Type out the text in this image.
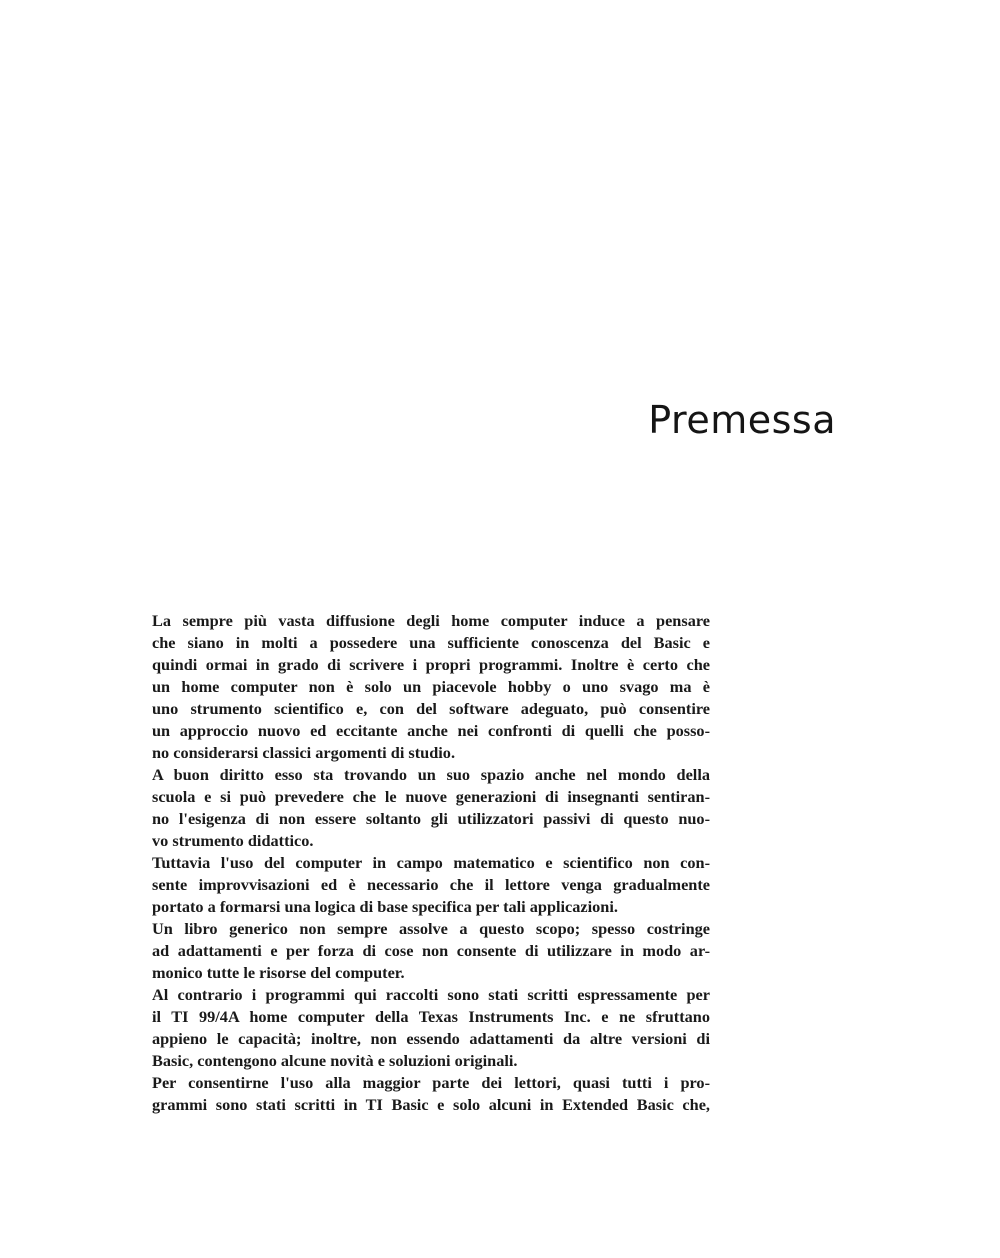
Premessa
La sempre più vasta diffusione degli home computer induce a pensare
che siano in molti a possedere una sufficiente conoscenza del Basic e
quindi ormai in grado di scrivere i propri programmi. Inoltre è certo che
un home computer non è solo un piacevole hobby o uno svago ma è
uno strumento scientifico e, con del software adeguato, può consentire
un approccio nuovo ed eccitante anche nei confronti di quelli che posso-
no considerarsi classici argomenti di studio.
A buon diritto esso sta trovando un suo spazio anche nel mondo della
scuola e si può prevedere che le nuove generazioni di insegnanti sentiran-
no l'esigenza di non essere soltanto gli utilizzatori passivi di questo nuo-
vo strumento didattico.
Tuttavia l'uso del computer in campo matematico e scientifico non con-
sente improvvisazioni ed è necessario che il lettore venga gradualmente
portato a formarsi una logica di base specifica per tali applicazioni.
Un libro generico non sempre assolve a questo scopo; spesso costringe
ad adattamenti e per forza di cose non consente di utilizzare in modo ar-
monico tutte le risorse del computer.
Al contrario i programmi qui raccolti sono stati scritti espressamente per
il TI 99/4A home computer della Texas Instruments Inc. e ne sfruttano
appieno le capacità; inoltre, non essendo adattamenti da altre versioni di
Basic, contengono alcune novità e soluzioni originali.
Per consentirne l'uso alla maggior parte dei lettori, quasi tutti i pro-
grammi sono stati scritti in TI Basic e solo alcuni in Extended Basic che,
